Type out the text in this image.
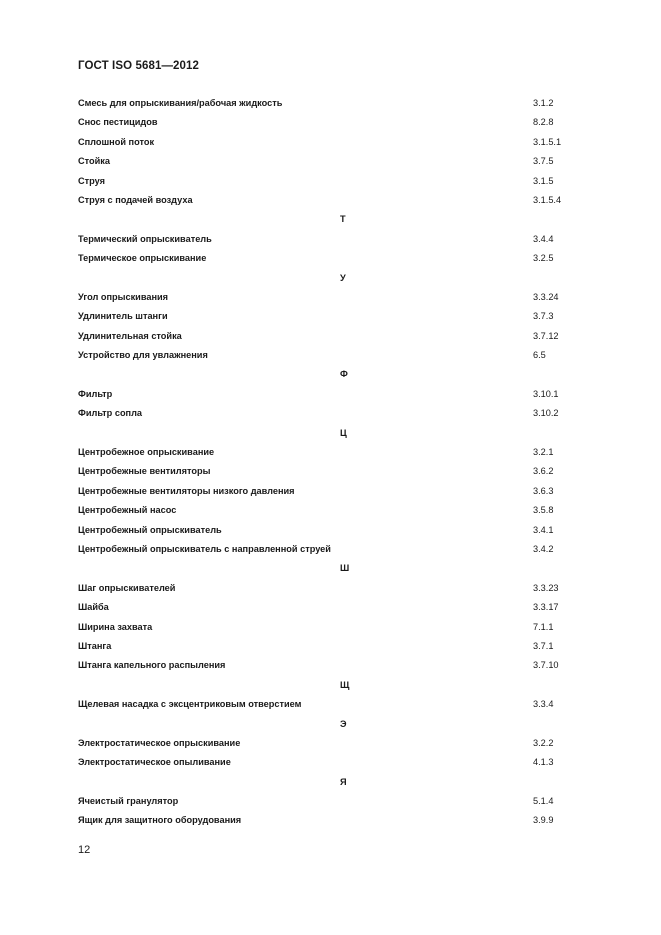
ГОСТ ISO 5681—2012
Смесь для опрыскивания/рабочая жидкость	3.1.2
Снос пестицидов	8.2.8
Сплошной поток	3.1.5.1
Стойка	3.7.5
Струя	3.1.5
Струя с подачей воздуха	3.1.5.4
Т
Термический опрыскиватель	3.4.4
Термическое опрыскивание	3.2.5
У
Угол опрыскивания	3.3.24
Удлинитель штанги	3.7.3
Удлинительная стойка	3.7.12
Устройство для увлажнения	6.5
Ф
Фильтр	3.10.1
Фильтр сопла	3.10.2
Ц
Центробежное опрыскивание	3.2.1
Центробежные вентиляторы	3.6.2
Центробежные вентиляторы низкого давления	3.6.3
Центробежный насос	3.5.8
Центробежный опрыскиватель	3.4.1
Центробежный опрыскиватель с направленной струей	3.4.2
Ш
Шаг опрыскивателей	3.3.23
Шайба	3.3.17
Ширина захвата	7.1.1
Штанга	3.7.1
Штанга капельного распыления	3.7.10
Щ
Щелевая насадка с эксцентриковым отверстием	3.3.4
Э
Электростатическое опрыскивание	3.2.2
Электростатическое опыливание	4.1.3
Я
Ячеистый гранулятор	5.1.4
Ящик для защитного оборудования	3.9.9
12
